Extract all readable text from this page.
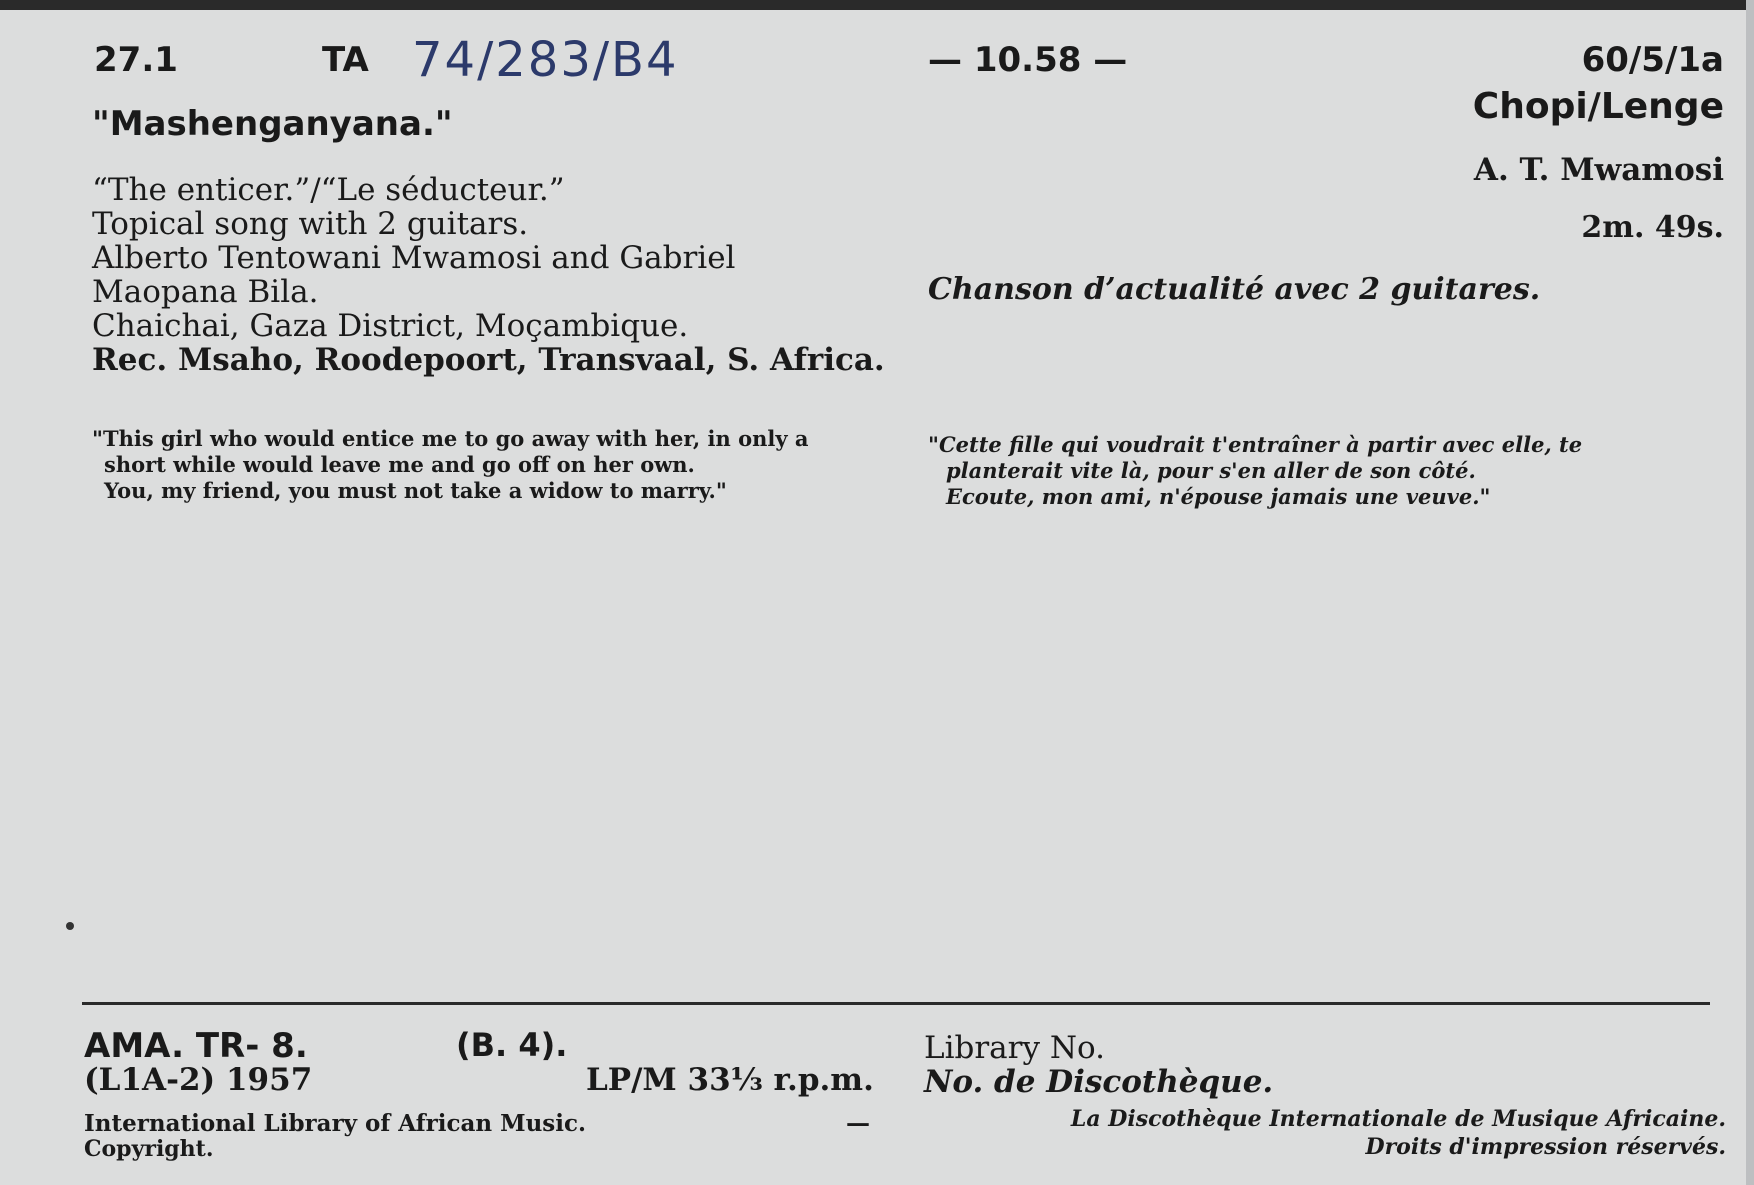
27.1	TA 74/283/B4	— 10.58 —	60/5/1a
Chopi/Lenge
"Mashenganyana."
A. T. Mwamosi
2m. 49s.
“The enticer.”/“Le séducteur.”
Topical song with 2 guitars.
Alberto Tentowani Mwamosi and Gabriel
Maopana Bila.
Chaichai, Gaza District, Moçambique.
Rec. Msaho, Roodepoort, Transvaal, S. Africa.
Chanson d’actualité avec 2 guitares.
"This girl who would entice me to go away with her, in only a
short while would leave me and go off on her own.
You, my friend, you must not take a widow to marry."
"Cette fille qui voudrait t'entraîner à partir avec elle, te
planterait vite là, pour s'en aller de son côté.
Ecoute, mon ami, n'épouse jamais une veuve."
AMA. TR- 8.	(B. 4).
(L1A-2) 1957	LP/M 33⅓ r.p.m.
Library No.
No. de Discothèque.
International Library of African Music.	—
Copyright.
La Discothèque Internationale de Musique Africaine.
Droits d'impression réservés.
